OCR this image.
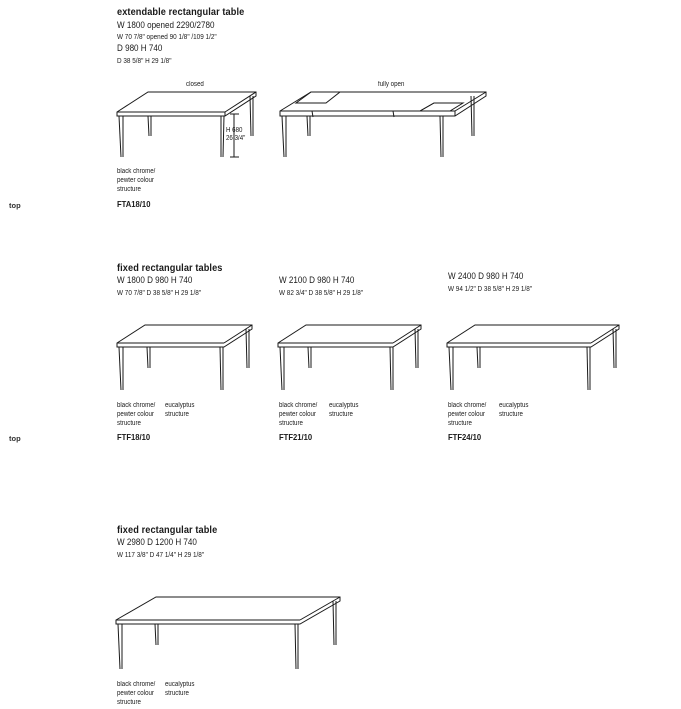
extendable rectangular table
W 1800 opened 2290/2780
W 70 7/8" opened 90 1/8" /109 1/2"
D 980 H 740
D 38 5/8" H 29 1/8"
closed	fully open
H 680
26 3/4"
black chrome/
pewter colour
structure
FTA18/10
top
fixed rectangular tables
W 1800 D 980 H 740
W 70 7/8" D 38 5/8" H 29 1/8"
W 2100 D 980 H 740
W 82 3/4" D 38 5/8" H 29 1/8"
W 2400 D 980 H 740
W 94 1/2" D 38 5/8" H 29 1/8"
black chrome/
pewter colour
structure
eucalyptus
structure
FTF18/10
black chrome/
pewter colour
structure
eucalyptus
structure
FTF21/10
black chrome/
pewter colour
structure
eucalyptus
structure
FTF24/10
top
fixed rectangular table
W 2980 D 1200 H 740
W 117 3/8" D 47 1/4" H 29 1/8"
black chrome/
pewter colour
structure
eucalyptus
structure
